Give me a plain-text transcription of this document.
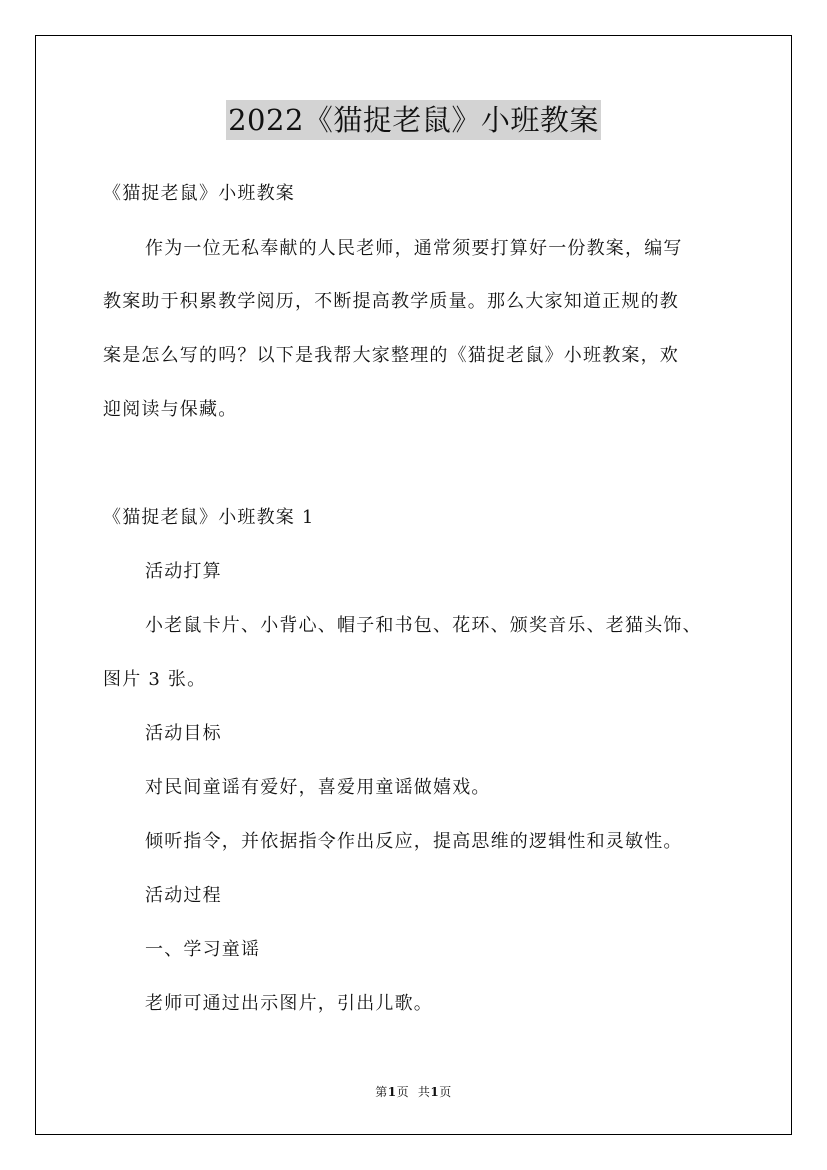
2022《猫捉老鼠》小班教案
《猫捉老鼠》小班教案
作为一位无私奉献的人民老师，通常须要打算好一份教案，编写
教案助于积累教学阅历，不断提高教学质量。那么大家知道正规的教
案是怎么写的吗？以下是我帮大家整理的《猫捉老鼠》小班教案，欢
迎阅读与保藏。
《猫捉老鼠》小班教案 1
活动打算
小老鼠卡片、小背心、帽子和书包、花环、颁奖音乐、老猫头饰、
图片 3 张。
活动目标
对民间童谣有爱好，喜爱用童谣做嬉戏。
倾听指令，并依据指令作出反应，提高思维的逻辑性和灵敏性。
活动过程
一、学习童谣
老师可通过出示图片，引出儿歌。
第1页 共1页
